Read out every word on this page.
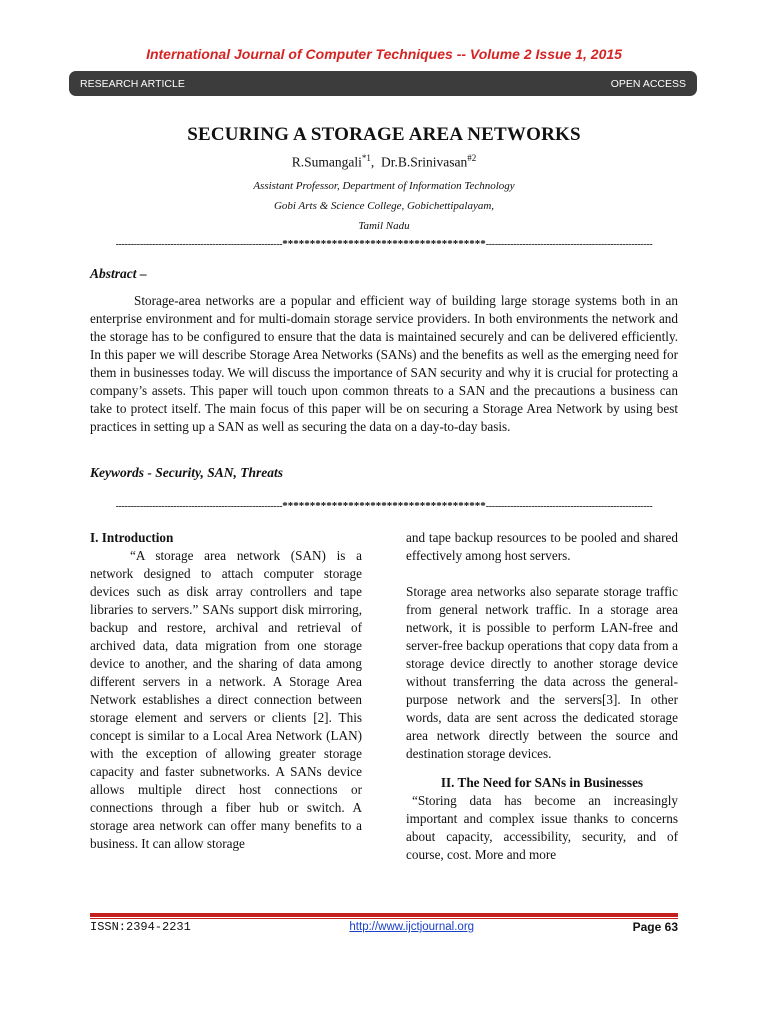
International Journal of Computer Techniques -- Volume 2 Issue 1, 2015
RESEARCH ARTICLE	OPEN ACCESS
SECURING A STORAGE AREA NETWORKS
R.Sumangali$^{*1}$,  Dr.B.Srinivasan$^{\#2}$
Assistant Professor, Department of Information Technology
Gobi Arts & Science College, Gobichettipalayam,
Tamil Nadu
-------------------------------------------------------*************************************-------------------------------------------------------
Abstract –
Storage-area networks are a popular and efficient way of building large storage systems both in an enterprise environment and for multi-domain storage service providers. In both environments the network and the storage has to be configured to ensure that the data is maintained securely and can be delivered efficiently. In this paper we will describe Storage Area Networks (SANs) and the benefits as well as the emerging need for them in businesses today. We will discuss the importance of SAN security and why it is crucial for protecting a company’s assets. This paper will touch upon common threats to a SAN and the precautions a business can take to protect itself. The main focus of this paper will be on securing a Storage Area Network by using best practices in setting up a SAN as well as securing the data on a day-to-day basis.
Keywords - Security, SAN, Threats
-------------------------------------------------------*************************************-------------------------------------------------------
I. Introduction

“A storage area network (SAN) is a network designed to attach computer storage devices such as disk array controllers and tape libraries to servers.” SANs support disk mirroring, backup and restore, archival and retrieval of archived data, data migration from one storage device to another, and the sharing of data among different servers in a network. A Storage Area Network establishes a direct connection between storage element and servers or clients [2]. This concept is similar to a Local Area Network (LAN) with the exception of allowing greater storage capacity and faster subnetworks. A SANs device allows multiple direct host connections or connections through a fiber hub or switch. A storage area network can offer many benefits to a business. It can allow storage

and tape backup resources to be pooled and shared effectively among host servers.

Storage area networks also separate storage traffic from general network traffic. In a storage area network, it is possible to perform LAN-free and server-free backup operations that copy data from a storage device directly to another storage device without transferring the data across the general-purpose network and the servers[3]. In other words, data are sent across the dedicated storage area network directly between the source and destination storage devices.

II. The Need for SANs in Businesses

“Storing data has become an increasingly important and complex issue thanks to concerns about capacity, accessibility, security, and of course, cost. More and more

ISSN:2394-2231	http://www.ijctjournal.org	Page 63
